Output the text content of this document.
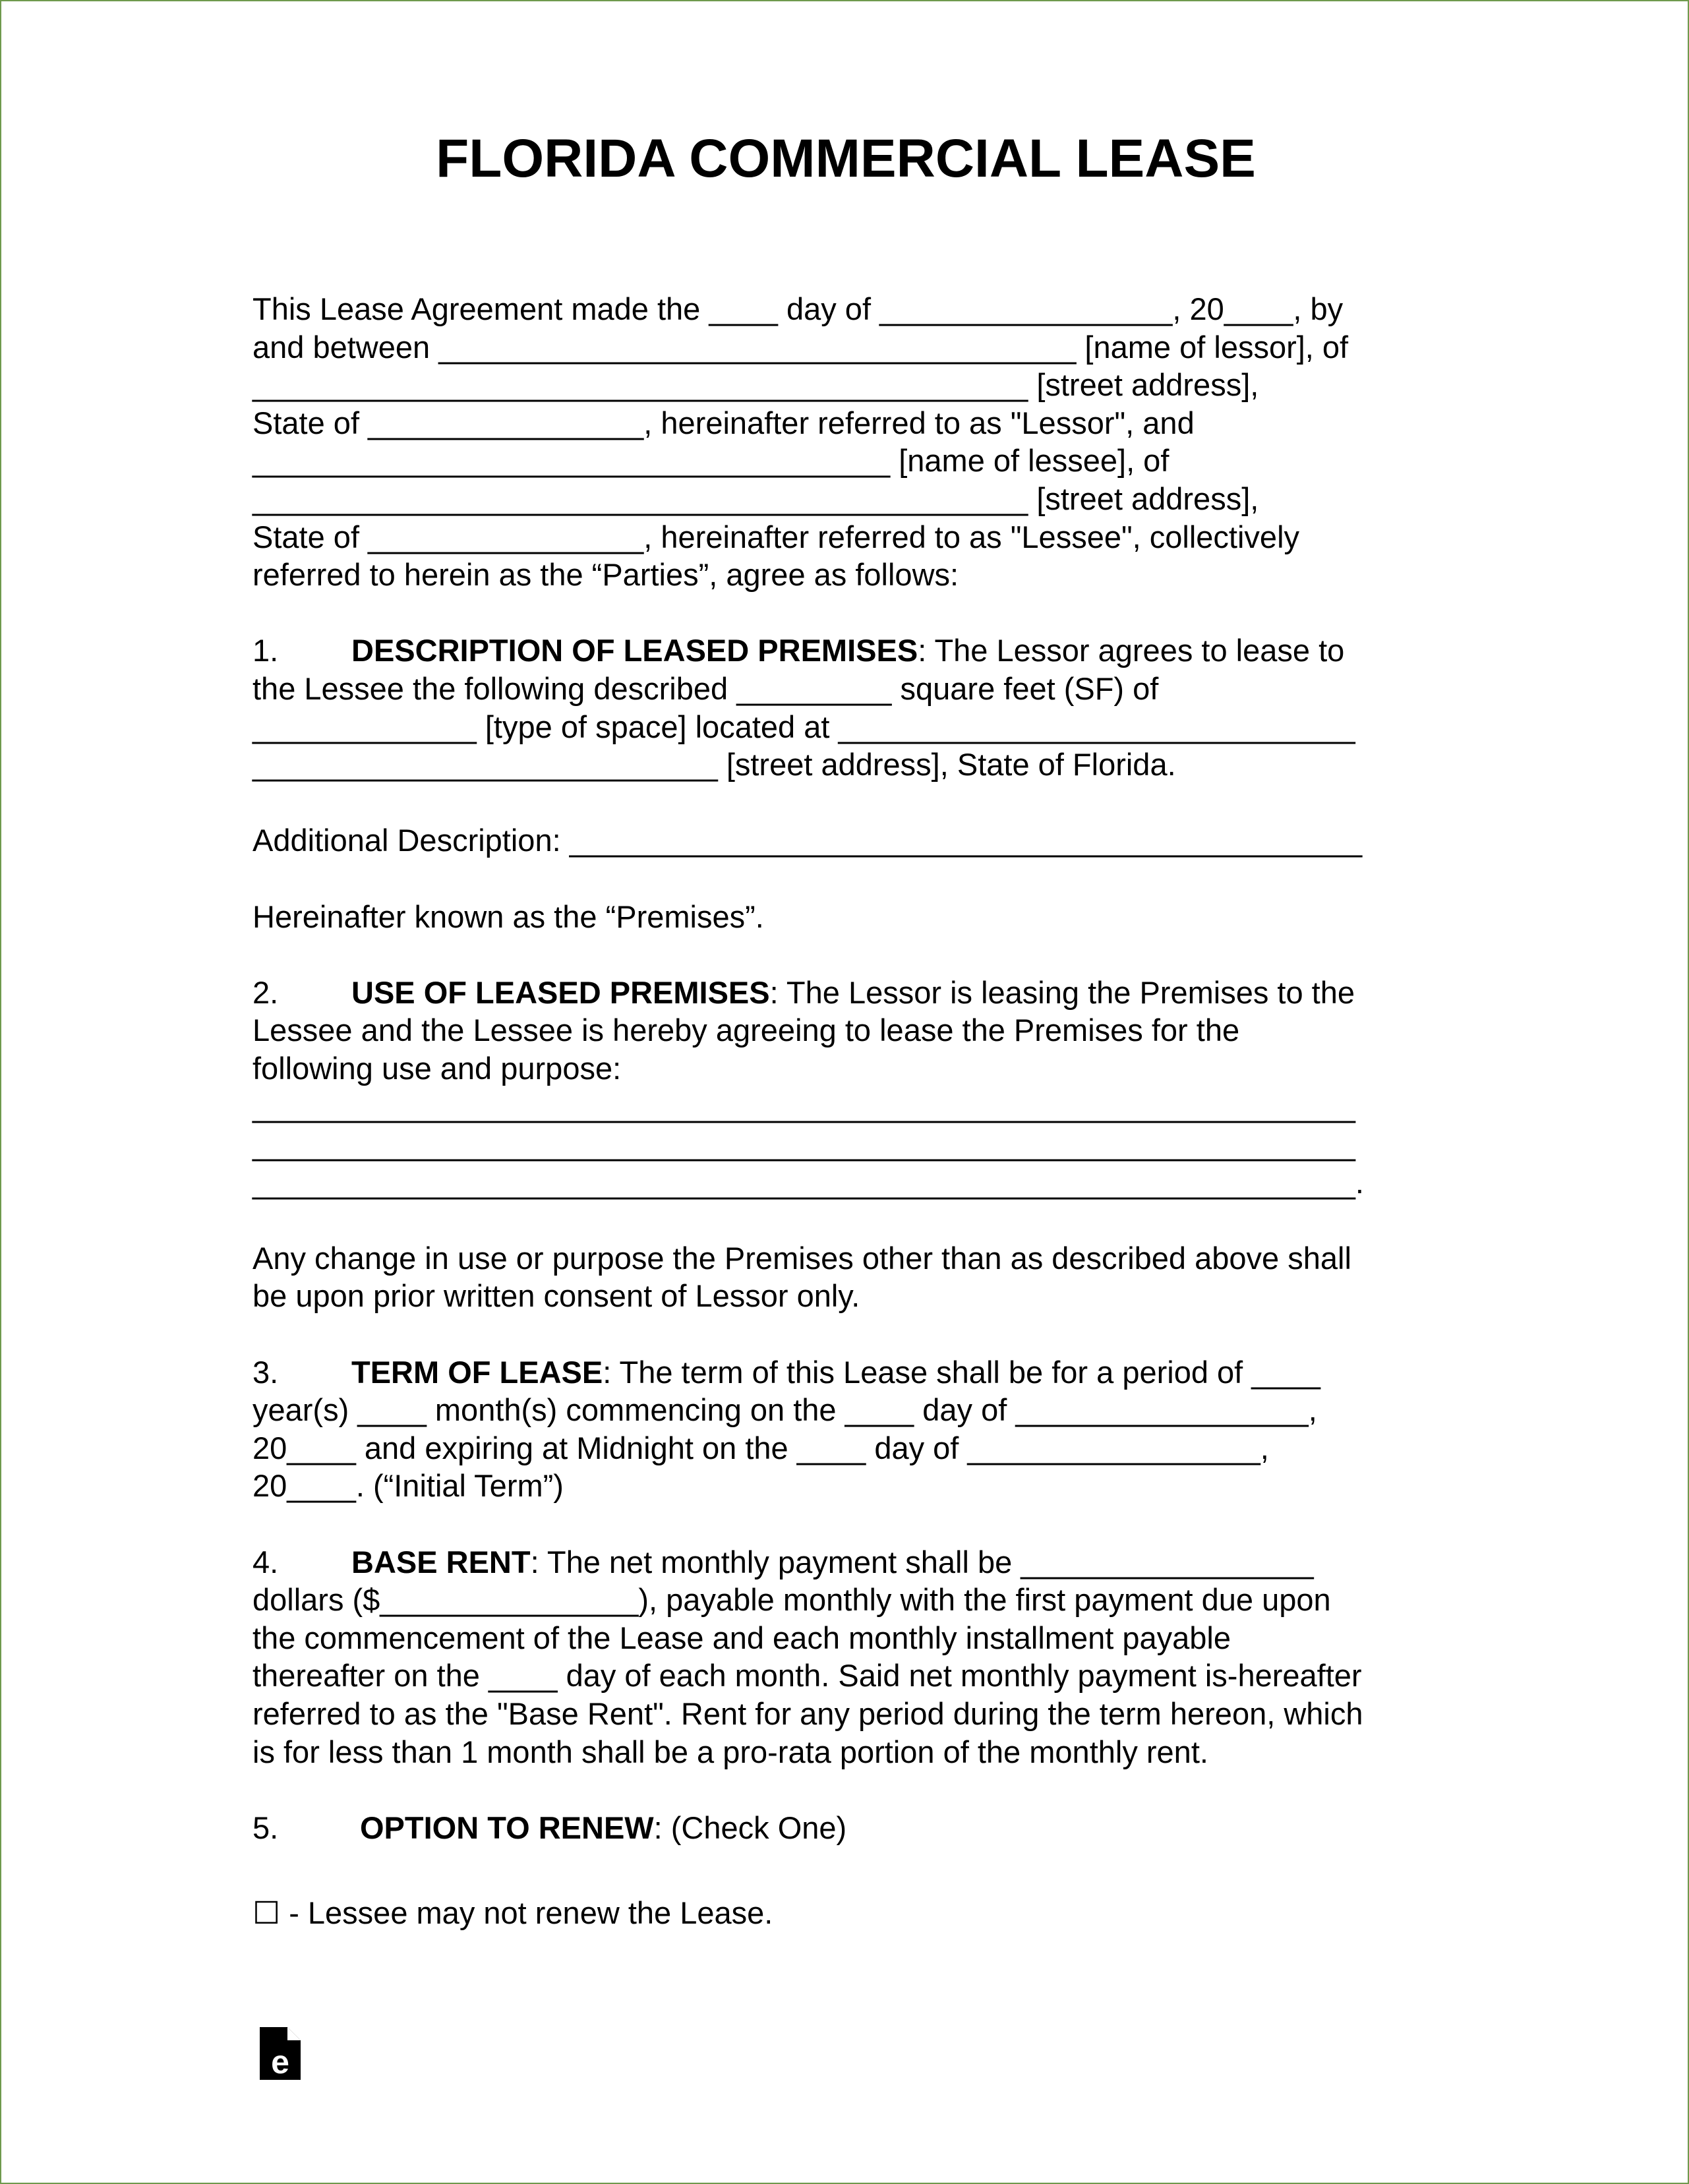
FLORIDA COMMERCIAL LEASE
This Lease Agreement made the ____ day of _________________, 20____, by
and between _____________________________________ [name of lessor], of
_____________________________________________ [street address],
State of ________________, hereinafter referred to as "Lessor", and
_____________________________________ [name of lessee], of
_____________________________________________ [street address],
State of ________________, hereinafter referred to as "Lessee", collectively
referred to herein as the “Parties”, agree as follows:
1. DESCRIPTION OF LEASED PREMISES: The Lessor agrees to lease to
the Lessee the following described _________ square feet (SF) of
_____________ [type of space] located at ______________________________
___________________________ [street address], State of Florida.
Additional Description: ______________________________________________
Hereinafter known as the “Premises”.
2. USE OF LEASED PREMISES: The Lessor is leasing the Premises to the
Lessee and the Lessee is hereby agreeing to lease the Premises for the
following use and purpose:
________________________________________________________________
________________________________________________________________
________________________________________________________________.
Any change in use or purpose the Premises other than as described above shall
be upon prior written consent of Lessor only.
3. TERM OF LEASE: The term of this Lease shall be for a period of ____
year(s) ____ month(s) commencing on the ____ day of _________________,
20____ and expiring at Midnight on the ____ day of _________________,
20____. (“Initial Term”)
4. BASE RENT: The net monthly payment shall be _________________
dollars ($_______________), payable monthly with the first payment due upon
the commencement of the Lease and each monthly installment payable
thereafter on the ____ day of each month. Said net monthly payment is-hereafter
referred to as the "Base Rent". Rent for any period during the term hereon, which
is for less than 1 month shall be a pro-rata portion of the monthly rent.
5.	OPTION TO RENEW: (Check One)
☐ - Lessee may not renew the Lease.
e
